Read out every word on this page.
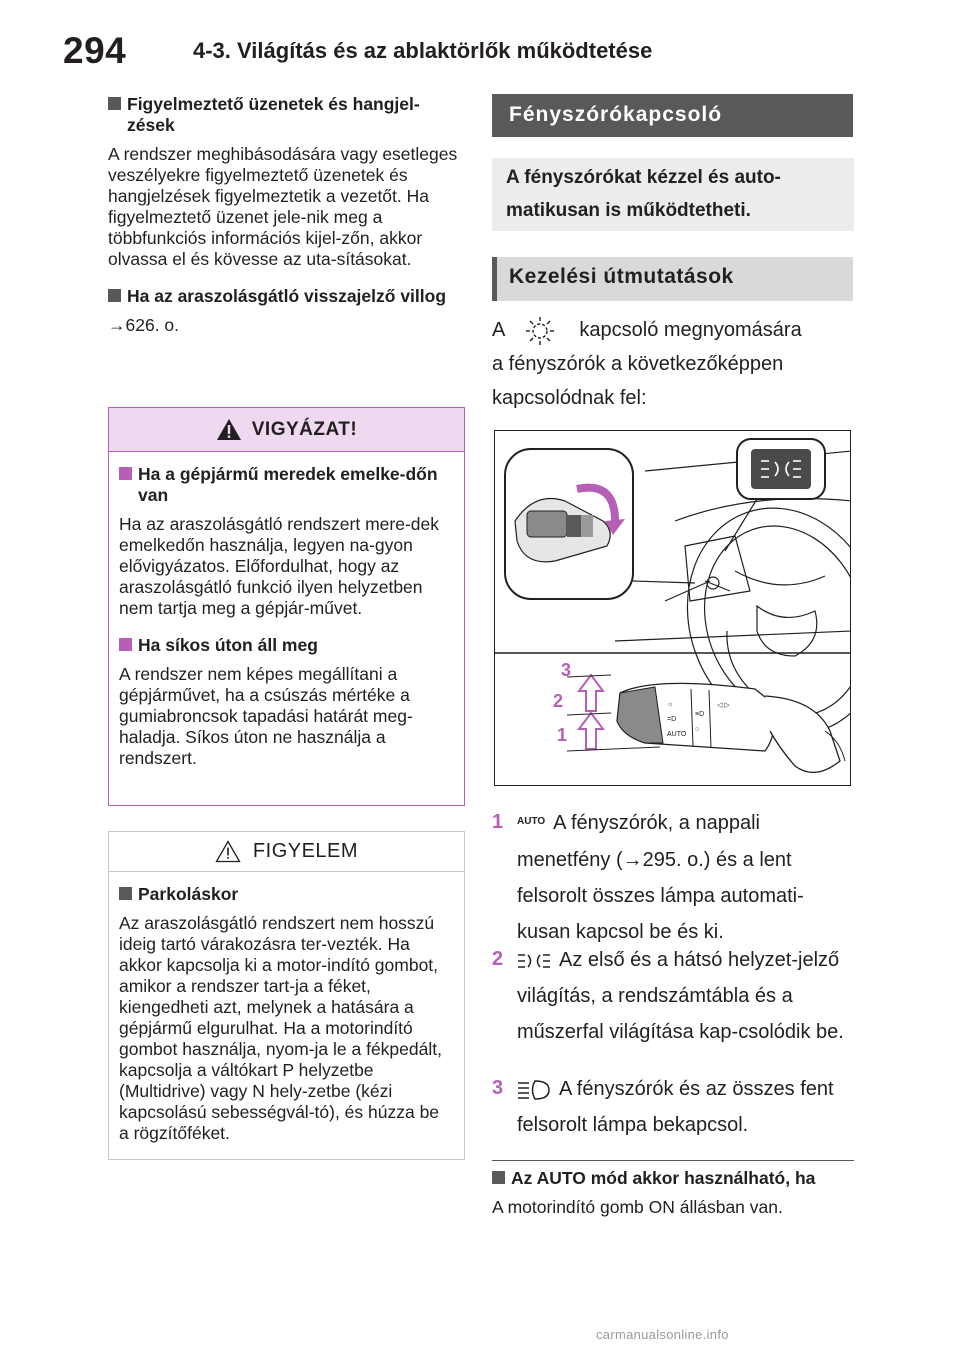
294	4-3. Világítás és az ablaktörlők működtetése
Figyelmeztető üzenetek és hangjel-zések
A rendszer meghibásodására vagy esetleges veszélyekre figyelmeztető üzenetek és hangjelzések figyelmeztetik a vezetőt. Ha figyelmeztető üzenet jele-nik meg a többfunkciós információs kijel-zőn, akkor olvassa el és kövesse az uta-sításokat.
Ha az araszolásgátló visszajelző villog
→626. o.
VIGYÁZAT!
Ha a gépjármű meredek emelke-dőn van
Ha az araszolásgátló rendszert mere-dek emelkedőn használja, legyen na-gyon elővigyázatos. Előfordulhat, hogy az araszolásgátló funkció ilyen helyzetben nem tartja meg a gépjár-művet.
Ha síkos úton áll meg
A rendszer nem képes megállítani a gépjárművet, ha a csúszás mértéke a gumiabroncsok tapadási határát meg-haladja. Síkos úton ne használja a rendszert.
FIGYELEM
Parkoláskor
Az araszolásgátló rendszert nem hosszú ideig tartó várakozásra ter-vezték. Ha akkor kapcsolja ki a motor-indító gombot, amikor a rendszer tart-ja a féket, kiengedheti azt, melynek a hatására a gépjármű elgurulhat. Ha a motorindító gombot használja, nyom-ja le a fékpedált, kapcsolja a váltókart P helyzetbe (Multidrive) vagy N hely-zetbe (kézi kapcsolású sebességvál-tó), és húzza be a rögzítőféket.
Fényszórókapcsoló
A fényszórókat kézzel és auto-matikusan is működtetheti.
Kezelési útmutatások
A	kapcsoló megnyomására
a fényszórók a következőképpen
kapcsolódnak fel:
☼
=D
AUTO
≡D
○
◁ ▷
3
2
1
1 AUTO A fényszórók, a nappali menetfény (→295. o.) és a lent felsorolt összes lámpa automati-kusan kapcsol be és ki.
2	Az első és a hátsó helyzet-jelző világítás, a rendszámtábla és a műszerfal világítása kap-csolódik be.
3	A fényszórók és az összes fent felsorolt lámpa bekapcsol.
Az AUTO mód akkor használható, ha
A motorindító gomb ON állásban van.
carmanualsonline.info
